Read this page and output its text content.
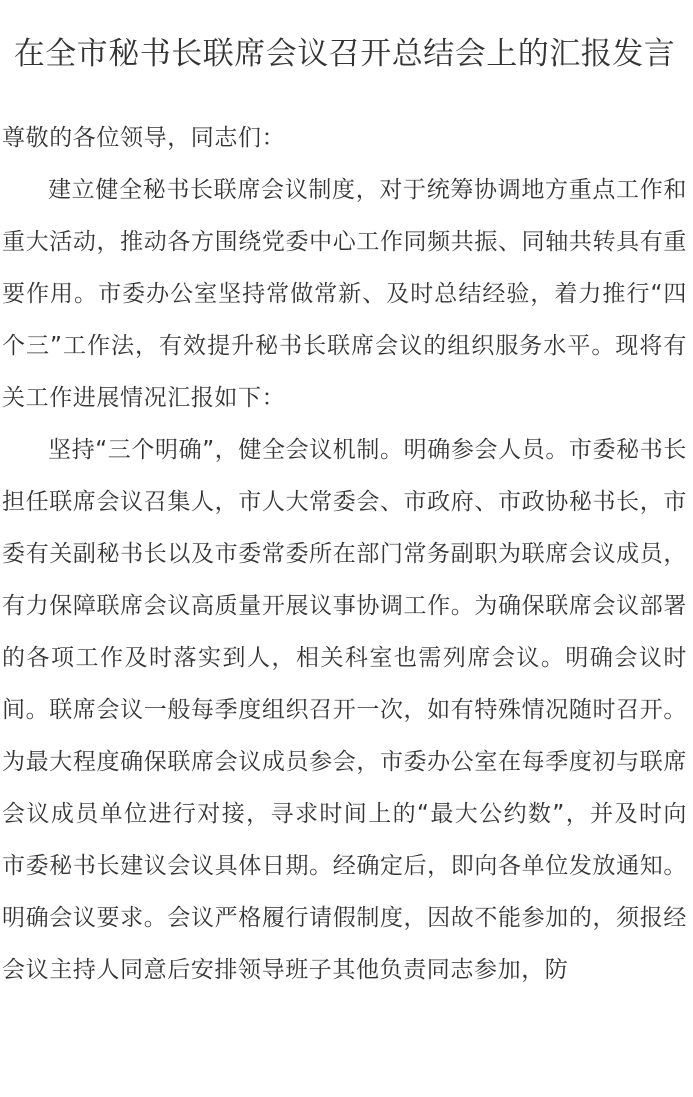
在全市秘书长联席会议召开总结会上的汇报发言

尊敬的各位领导，同志们：

建立健全秘书长联席会议制度，对于统筹协调地方重点工作和重大活动，推动各方围绕党委中心工作同频共振、同轴共转具有重要作用。市委办公室坚持常做常新、及时总结经验，着力推行“四个三”工作法，有效提升秘书长联席会议的组织服务水平。现将有关工作进展情况汇报如下：

坚持“三个明确”，健全会议机制。明确参会人员。市委秘书长担任联席会议召集人，市人大常委会、市政府、市政协秘书长，市委有关副秘书长以及市委常委所在部门常务副职为联席会议成员，有力保障联席会议高质量开展议事协调工作。为确保联席会议部署的各项工作及时落实到人，相关科室也需列席会议。明确会议时间。联席会议一般每季度组织召开一次，如有特殊情况随时召开。为最大程度确保联席会议成员参会，市委办公室在每季度初与联席会议成员单位进行对接，寻求时间上的“最大公约数”，并及时向市委秘书长建议会议具体日期。经确定后，即向各单位发放通知。明确会议要求。会议严格履行请假制度，因故不能参加的，须报经会议主持人同意后安排领导班子其他负责同志参加，防
